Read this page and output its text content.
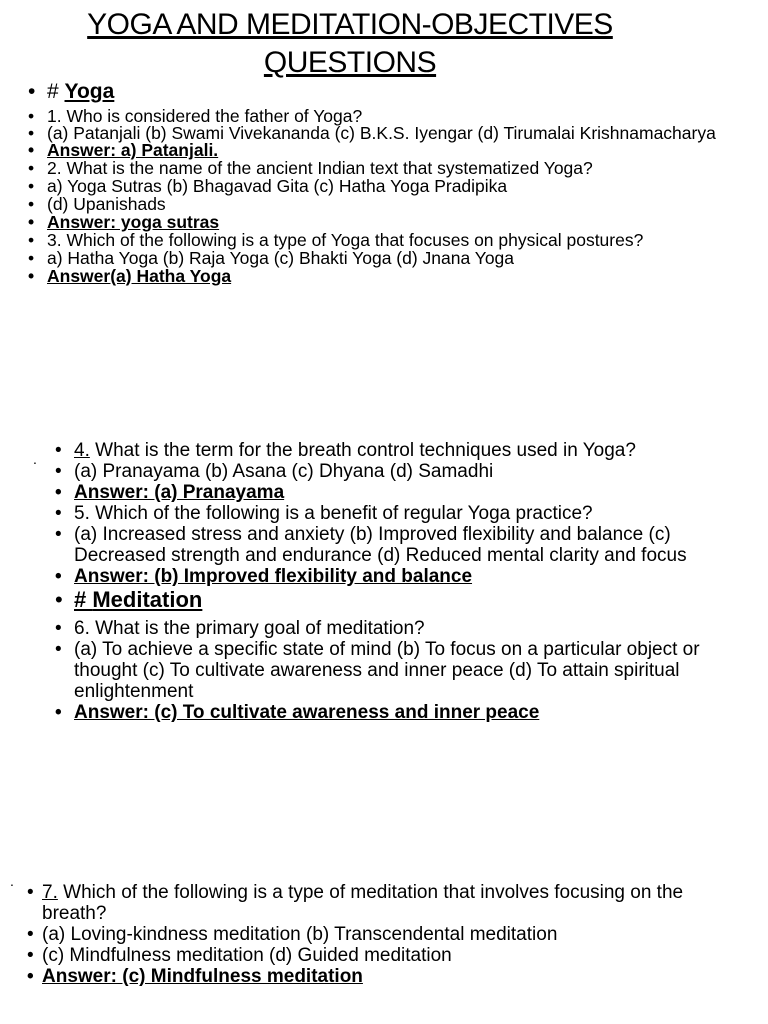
YOGA AND MEDITATION-OBJECTIVES
QUESTIONS
• # Yoga
• 1. Who is considered the father of Yoga?
• (a) Patanjali (b) Swami Vivekananda (c) B.K.S. Iyengar (d) Tirumalai Krishnamacharya
• Answer: a) Patanjali.
• 2. What is the name of the ancient Indian text that systematized Yoga?
• a) Yoga Sutras (b) Bhagavad Gita (c) Hatha Yoga Pradipika
• (d) Upanishads
• Answer: yoga sutras
• 3. Which of the following is a type of Yoga that focuses on physical postures?
• a) Hatha Yoga (b) Raja Yoga (c) Bhakti Yoga (d) Jnana Yoga
• Answer(a) Hatha Yoga
.
•	4. What is the term for the breath control techniques used in Yoga?
• (a) Pranayama (b) Asana (c) Dhyana (d) Samadhi
• Answer: (a) Pranayama
• 5. Which of the following is a benefit of regular Yoga practice?
• (a) Increased stress and anxiety (b) Improved flexibility and balance (c) Decreased strength and endurance (d) Reduced mental clarity and focus
• Answer: (b) Improved flexibility and balance
• # Meditation
• 6. What is the primary goal of meditation?
• (a) To achieve a specific state of mind (b) To focus on a particular object or thought (c) To cultivate awareness and inner peace (d) To attain spiritual enlightenment
• Answer: (c) To cultivate awareness and inner peace
.
• 7. Which of the following is a type of meditation that involves focusing on the breath?
• (a) Loving-kindness meditation (b) Transcendental meditation
• (c) Mindfulness meditation (d) Guided meditation
• Answer: (c) Mindfulness meditation
